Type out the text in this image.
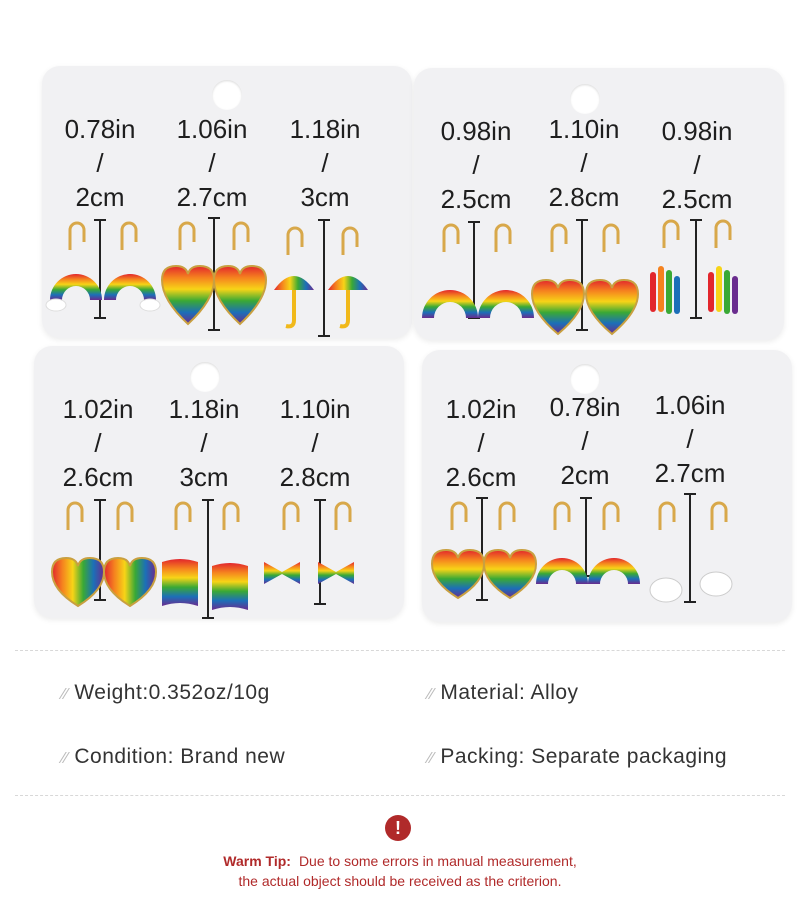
0.78in
/
2cm
1.06in
/
2.7cm
1.18in
/
3cm
0.98in
/
2.5cm
1.10in
/
2.8cm
0.98in
/
2.5cm
1.02in
/
2.6cm
1.18in
/
3cm
1.10in
/
2.8cm
1.02in
/
2.6cm
0.78in
/
2cm
1.06in
/
2.7cm
⁄⁄ Weight:0.352oz/10g	⁄⁄ Material: Alloy
⁄⁄ Condition: Brand new	⁄⁄ Packing: Separate packaging
!
Warm Tip: Due to some errors in manual measurement,
the actual object should be received as the criterion.
